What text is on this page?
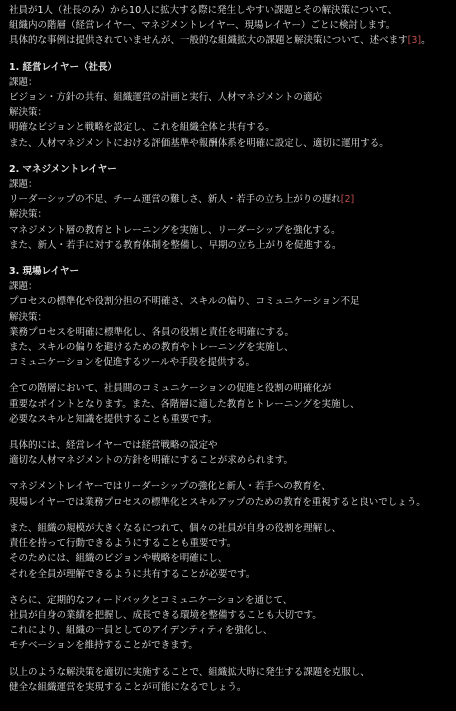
社員が1人（社長のみ）から10人に拡大する際に発生しやすい課題とその解決策について、
組織内の階層（経営レイヤー、マネジメントレイヤー、現場レイヤー）ごとに検討します。
具体的な事例は提供されていませんが、一般的な組織拡大の課題と解決策について、述べます[3]。
1. 経営レイヤー（社長）
課題：
ビジョン・方針の共有、組織運営の計画と実行、人材マネジメントの適応
解決策：
明確なビジョンと戦略を設定し、これを組織全体と共有する。
また、人材マネジメントにおける評価基準や報酬体系を明確に設定し、適切に運用する。
2. マネジメントレイヤー
課題：
リーダーシップの不足、チーム運営の難しさ、新人・若手の立ち上がりの遅れ[2]
解決策：
マネジメント層の教育とトレーニングを実施し、リーダーシップを強化する。
また、新人・若手に対する教育体制を整備し、早期の立ち上がりを促進する。
3. 現場レイヤー
課題：
プロセスの標準化や役割分担の不明確さ、スキルの偏り、コミュニケーション不足
解決策：
業務プロセスを明確に標準化し、各員の役割と責任を明確にする。
また、スキルの偏りを避けるための教育やトレーニングを実施し、
コミュニケーションを促進するツールや手段を提供する。
全ての階層において、社員間のコミュニケーションの促進と役割の明確化が
重要なポイントとなります。また、各階層に適した教育とトレーニングを実施し、
必要なスキルと知識を提供することも重要です。
具体的には、経営レイヤーでは経営戦略の設定や
適切な人材マネジメントの方針を明確にすることが求められます。
マネジメントレイヤーではリーダーシップの強化と新人・若手への教育を、
現場レイヤーでは業務プロセスの標準化とスキルアップのための教育を重視すると良いでしょう。
また、組織の規模が大きくなるにつれて、個々の社員が自身の役割を理解し、
責任を持って行動できるようにすることも重要です。
そのためには、組織のビジョンや戦略を明確にし、
それを全員が理解できるように共有することが必要です。
さらに、定期的なフィードバックとコミュニケーションを通じて、
社員が自身の業績を把握し、成長できる環境を整備することも大切です。
これにより、組織の一員としてのアイデンティティを強化し、
モチベーションを維持することができます。
以上のような解決策を適切に実施することで、組織拡大時に発生する課題を克服し、
健全な組織運営を実現することが可能になるでしょう。
